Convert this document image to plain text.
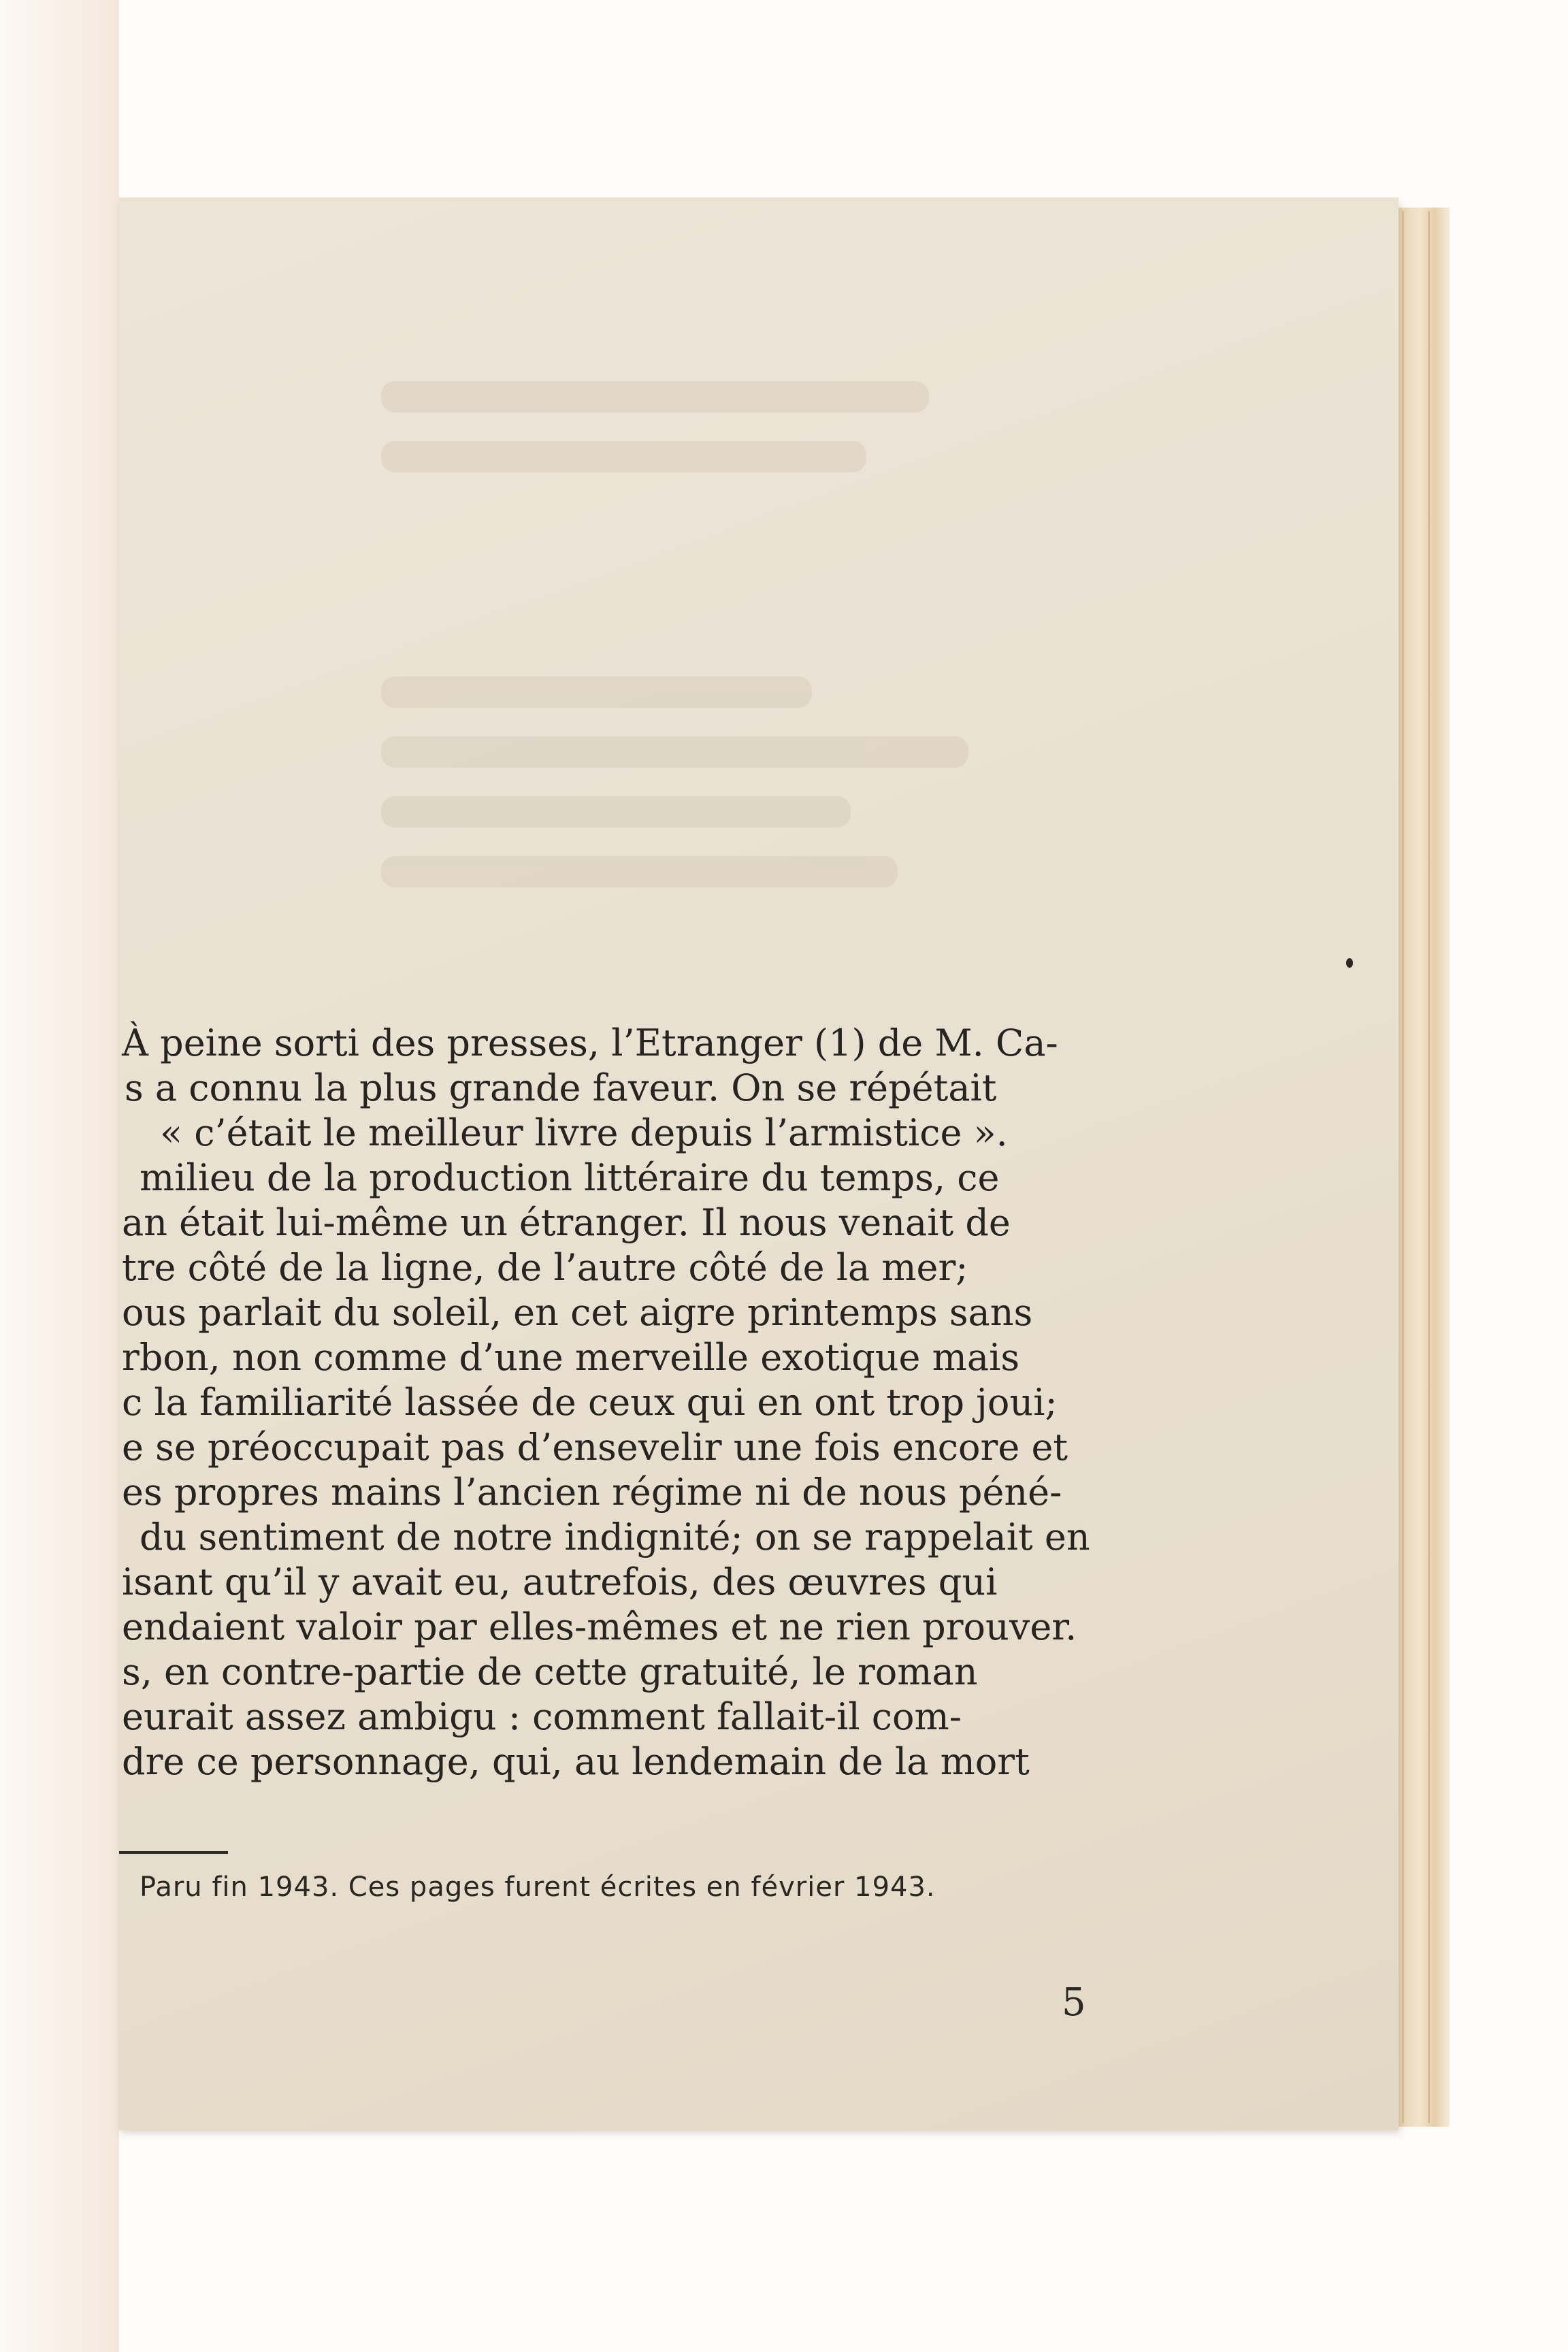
À peine sorti des presses, l’Etranger (1) de M. Ca-
s a connu la plus grande faveur. On se répétait
« c’était le meilleur livre depuis l’armistice ».
milieu de la production littéraire du temps, ce
an était lui-même un étranger. Il nous venait de
tre côté de la ligne, de l’autre côté de la mer;
ous parlait du soleil, en cet aigre printemps sans
rbon, non comme d’une merveille exotique mais
c la familiarité lassée de ceux qui en ont trop joui;
e se préoccupait pas d’ensevelir une fois encore et
es propres mains l’ancien régime ni de nous péné-
du sentiment de notre indignité; on se rappelait en
isant qu’il y avait eu, autrefois, des œuvres qui
endaient valoir par elles-mêmes et ne rien prouver.
s, en contre-partie de cette gratuité, le roman
eurait assez ambigu : comment fallait-il com-
dre ce personnage, qui, au lendemain de la mort
Paru fin 1943. Ces pages furent écrites en février 1943.
5
